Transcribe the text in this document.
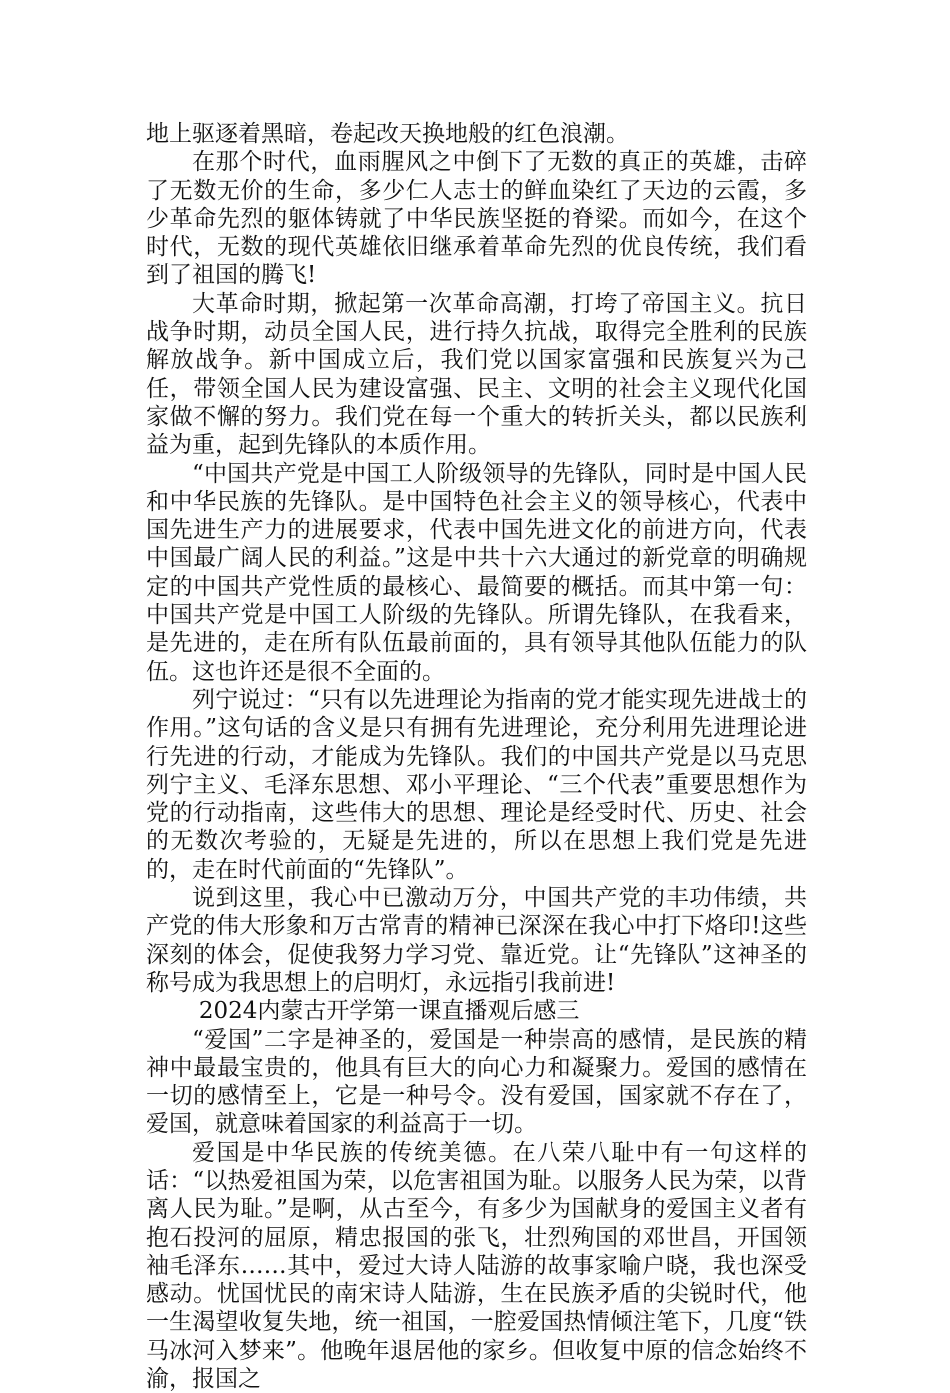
地上驱逐着黑暗，卷起改天换地般的红色浪潮。

在那个时代，血雨腥风之中倒下了无数的真正的英雄，击碎了无数无价的生命，多少仁人志士的鲜血染红了天边的云霞，多少革命先烈的躯体铸就了中华民族坚挺的脊梁。而如今，在这个时代，无数的现代英雄依旧继承着革命先烈的优良传统，我们看到了祖国的腾飞!

大革命时期，掀起第一次革命高潮，打垮了帝国主义。抗日战争时期，动员全国人民，进行持久抗战，取得完全胜利的民族解放战争。新中国成立后，我们党以国家富强和民族复兴为己任，带领全国人民为建设富强、民主、文明的社会主义现代化国家做不懈的努力。我们党在每一个重大的转折关头，都以民族利益为重，起到先锋队的本质作用。

“中国共产党是中国工人阶级领导的先锋队，同时是中国人民和中华民族的先锋队。是中国特色社会主义的领导核心，代表中国先进生产力的进展要求，代表中国先进文化的前进方向，代表中国最广阔人民的利益。”这是中共十六大通过的新党章的明确规定的中国共产党性质的最核心、最简要的概括。而其中第一句：中国共产党是中国工人阶级的先锋队。所谓先锋队，在我看来，是先进的，走在所有队伍最前面的，具有领导其他队伍能力的队伍。这也许还是很不全面的。

列宁说过：“只有以先进理论为指南的党才能实现先进战士的作用。”这句话的含义是只有拥有先进理论，充分利用先进理论进行先进的行动，才能成为先锋队。我们的中国共产党是以马克思列宁主义、毛泽东思想、邓小平理论、“三个代表”重要思想作为党的行动指南，这些伟大的思想、理论是经受时代、历史、社会的无数次考验的，无疑是先进的，所以在思想上我们党是先进的，走在时代前面的“先锋队”。

说到这里，我心中已激动万分，中国共产党的丰功伟绩，共产党的伟大形象和万古常青的精神已深深在我心中打下烙印!这些深刻的体会，促使我努力学习党、靠近党。让“先锋队”这神圣的称号成为我思想上的启明灯，永远指引我前进!

2024内蒙古开学第一课直播观后感三

“爱国”二字是神圣的，爱国是一种崇高的感情，是民族的精神中最最宝贵的，他具有巨大的向心力和凝聚力。爱国的感情在一切的感情至上，它是一种号令。没有爱国，国家就不存在了，爱国，就意味着国家的利益高于一切。

爱国是中华民族的传统美德。在八荣八耻中有一句这样的话：“以热爱祖国为荣，以危害祖国为耻。以服务人民为荣，以背离人民为耻。”是啊，从古至今，有多少为国献身的爱国主义者有抱石投河的屈原，精忠报国的张飞，壮烈殉国的邓世昌，开国领袖毛泽东……其中，爱过大诗人陆游的故事家喻户晓，我也深受感动。忧国忧民的南宋诗人陆游，生在民族矛盾的尖锐时代，他一生渴望收复失地，统一祖国，一腔爱国热情倾注笔下，几度“铁马冰河入梦来”。他晚年退居他的家乡。但收复中原的信念始终不渝，报国之
